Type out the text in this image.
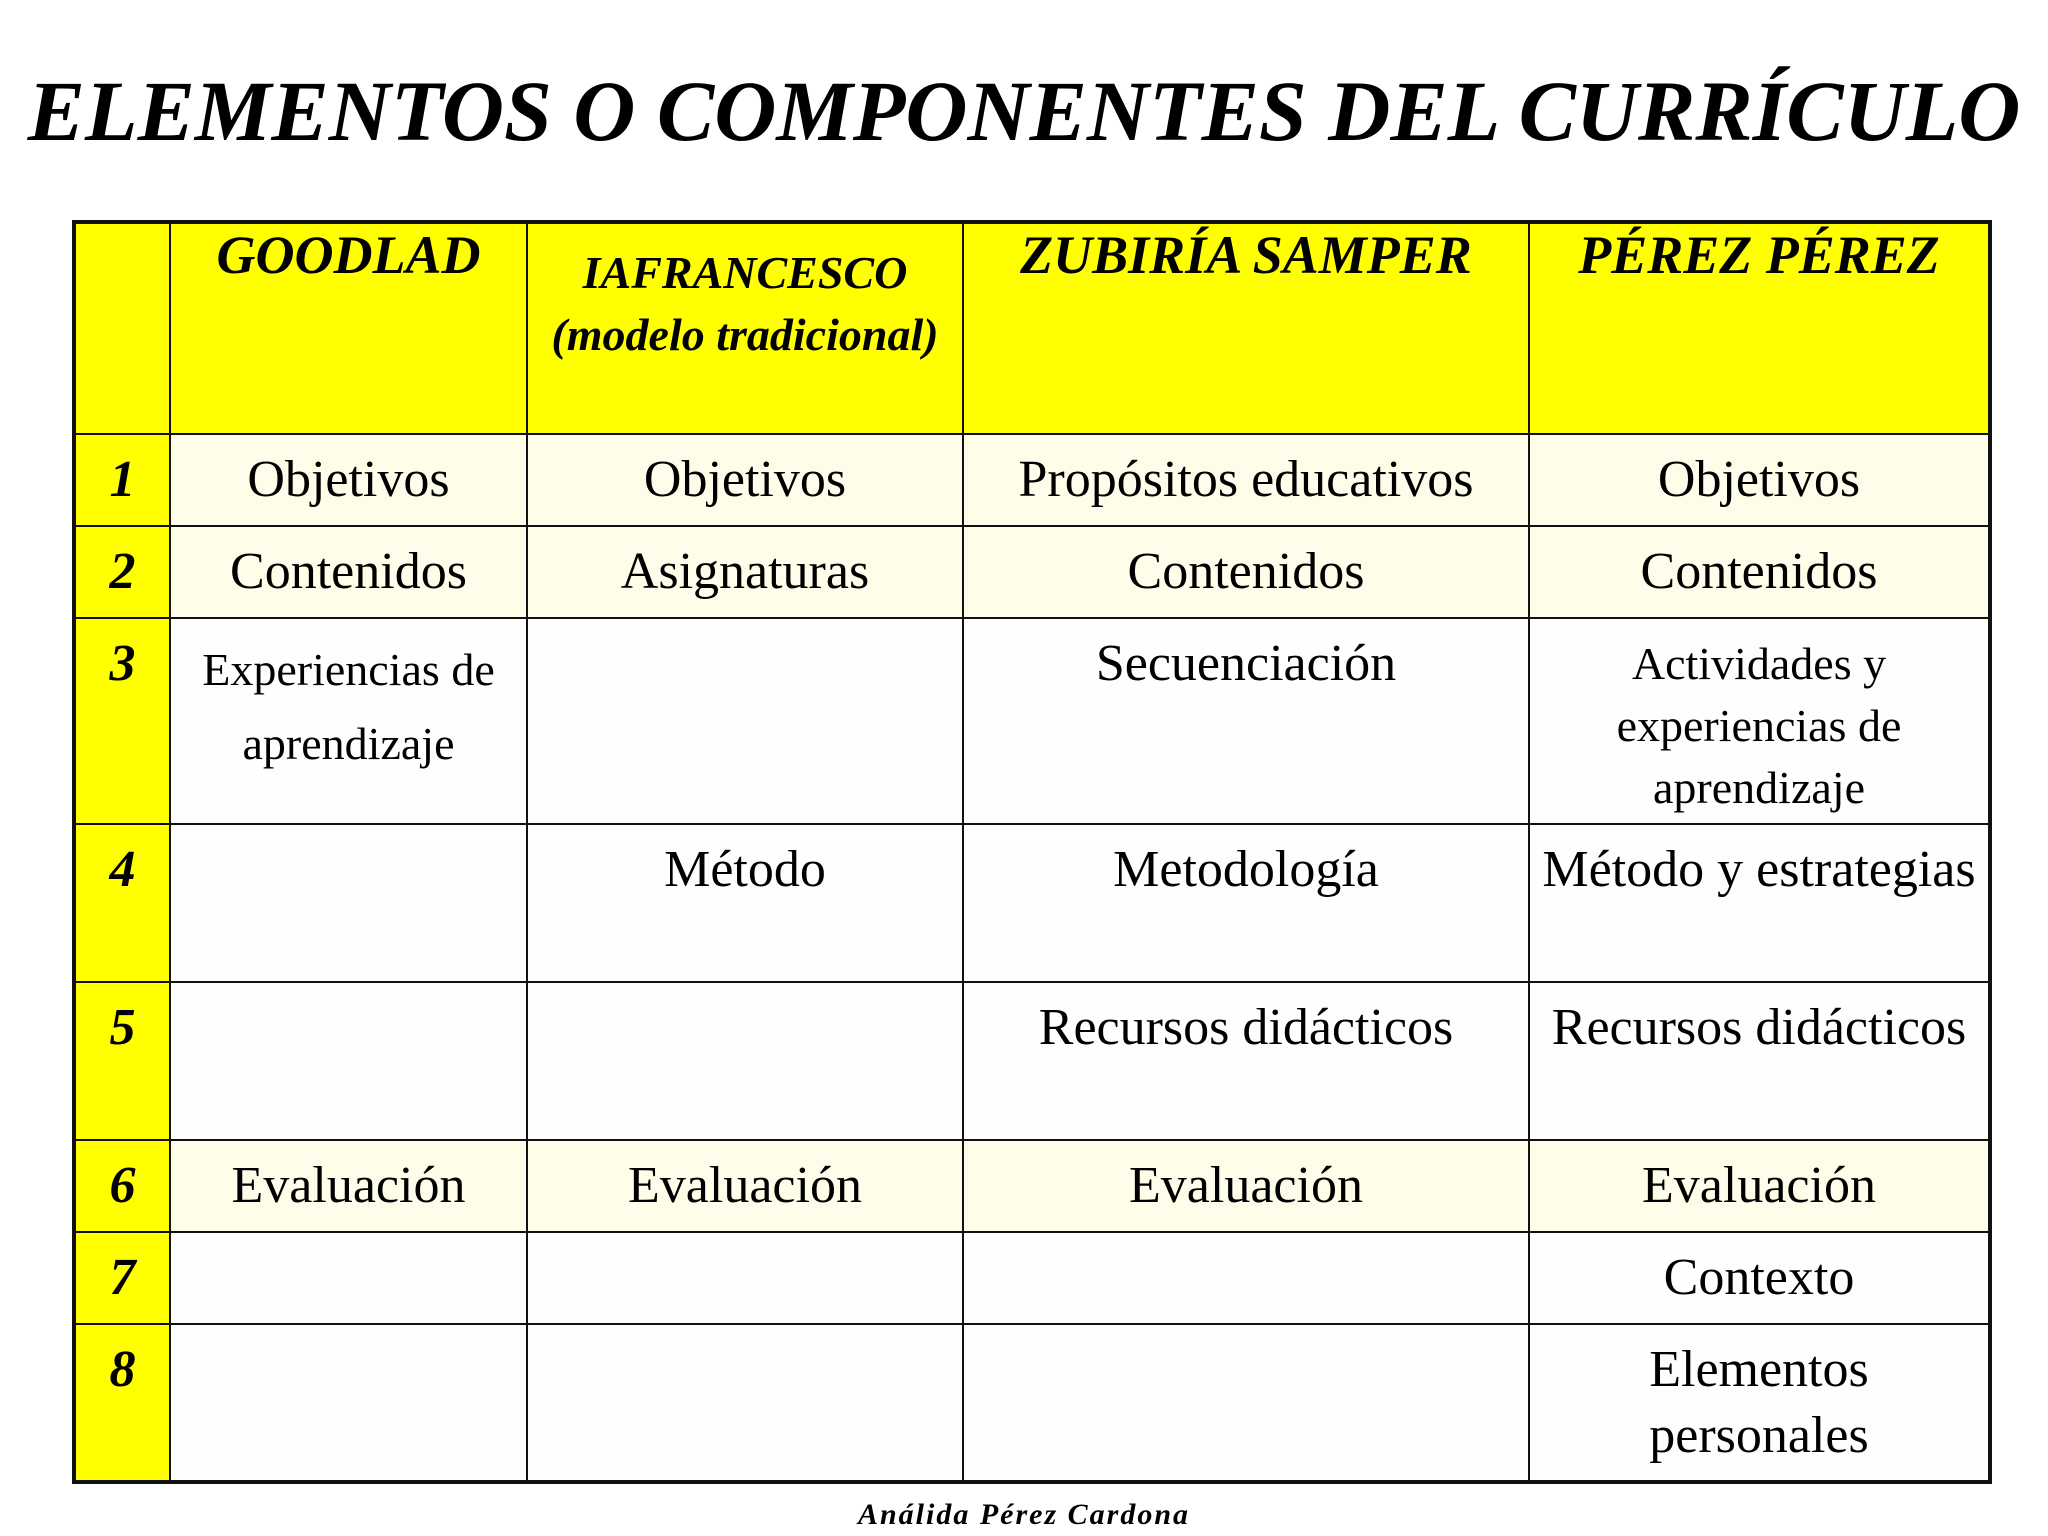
ELEMENTOS O COMPONENTES DEL CURRÍCULO
	GOODLAD	IAFRANCESCO (modelo tradicional)	ZUBIRÍA SAMPER	PÉREZ PÉREZ
1	Objetivos	Objetivos	Propósitos educativos	Objetivos
2	Contenidos	Asignaturas	Contenidos	Contenidos
3	Experiencias de aprendizaje		Secuenciación	Actividades y experiencias de aprendizaje
4		Método	Metodología	Método y estrategias
5			Recursos didácticos	Recursos didácticos
6	Evaluación	Evaluación	Evaluación	Evaluación
7				Contexto
8				Elementos personales
Análida Pérez Cardona
